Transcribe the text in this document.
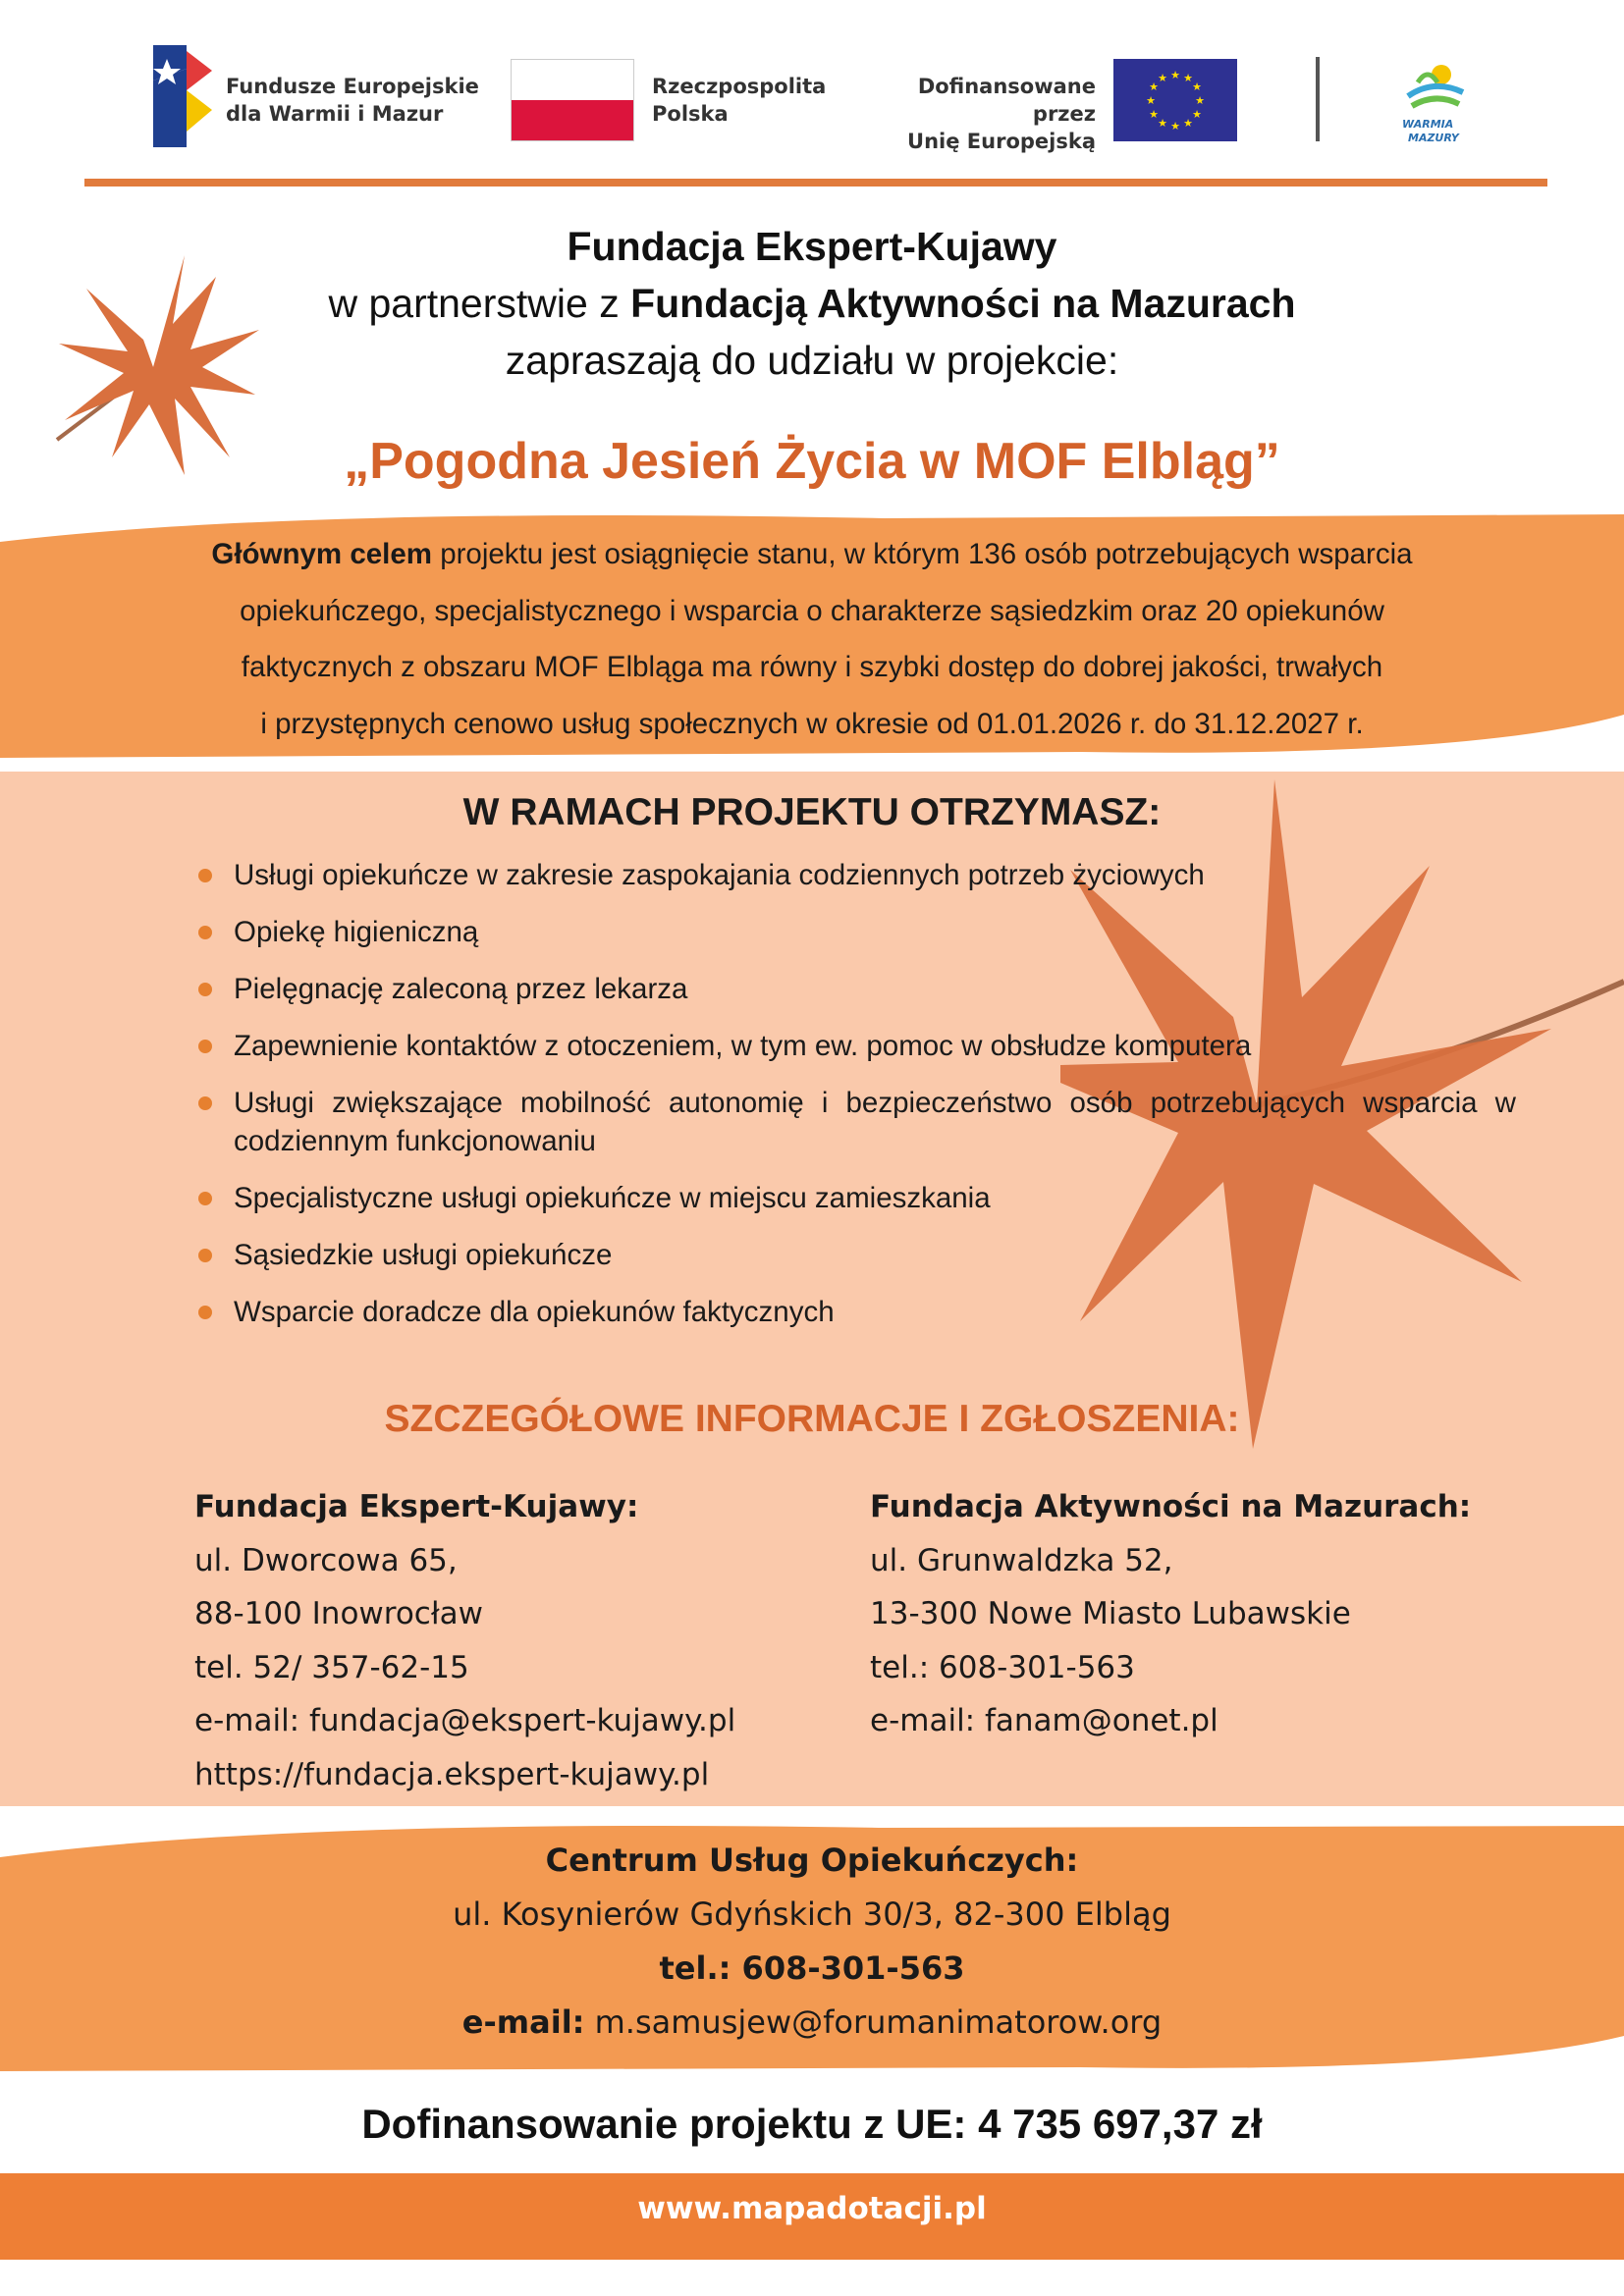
Fundusze Europejskie
dla Warmii i Mazur
Rzeczpospolita
Polska
Dofinansowane przez
Unię Europejską
★ ★
★
★
★
★
★
★
★
★
★
★
WARMIA
MAZURY
Fundacja Ekspert-Kujawy
w partnerstwie z Fundacją Aktywności na Mazurach
zapraszają do udziału w projekcie:
„Pogodna Jesień Życia w MOF Elbląg”
Głównym celem projektu jest osiągnięcie stanu, w którym 136 osób potrzebujących wsparcia
opiekuńczego, specjalistycznego i wsparcia o charakterze sąsiedzkim oraz 20 opiekunów
faktycznych z obszaru MOF Elbląga ma równy i szybki dostęp do dobrej jakości, trwałych
i przystępnych cenowo usług społecznych w okresie od 01.01.2026 r. do 31.12.2027 r.
W RAMACH PROJEKTU OTRZYMASZ:
Usługi opiekuńcze w zakresie zaspokajania codziennych potrzeb życiowych
Opiekę higieniczną
Pielęgnację zaleconą przez lekarza
Zapewnienie kontaktów z otoczeniem, w tym ew. pomoc w obsłudze komputera
Usługi zwiększające mobilność autonomię i bezpieczeństwo osób potrzebujących wsparcia w codziennym funkcjonowaniu
Specjalistyczne usługi opiekuńcze w miejscu zamieszkania
Sąsiedzkie usługi opiekuńcze
Wsparcie doradcze dla opiekunów faktycznych
SZCZEGÓŁOWE INFORMACJE I ZGŁOSZENIA:
Fundacja Ekspert-Kujawy:
ul. Dworcowa 65,
88-100 Inowrocław
tel. 52/ 357-62-15
e-mail: fundacja@ekspert-kujawy.pl
https://fundacja.ekspert-kujawy.pl
Fundacja Aktywności na Mazurach:
ul. Grunwaldzka 52,
13-300 Nowe Miasto Lubawskie
tel.: 608-301-563
e-mail: fanam@onet.pl
Centrum Usług Opiekuńczych:
ul. Kosynierów Gdyńskich 30/3, 82-300 Elbląg
tel.: 608-301-563
e-mail: m.samusjew@forumanimatorow.org
Dofinansowanie projektu z UE: 4 735 697,37 zł
www.mapadotacji.pl
